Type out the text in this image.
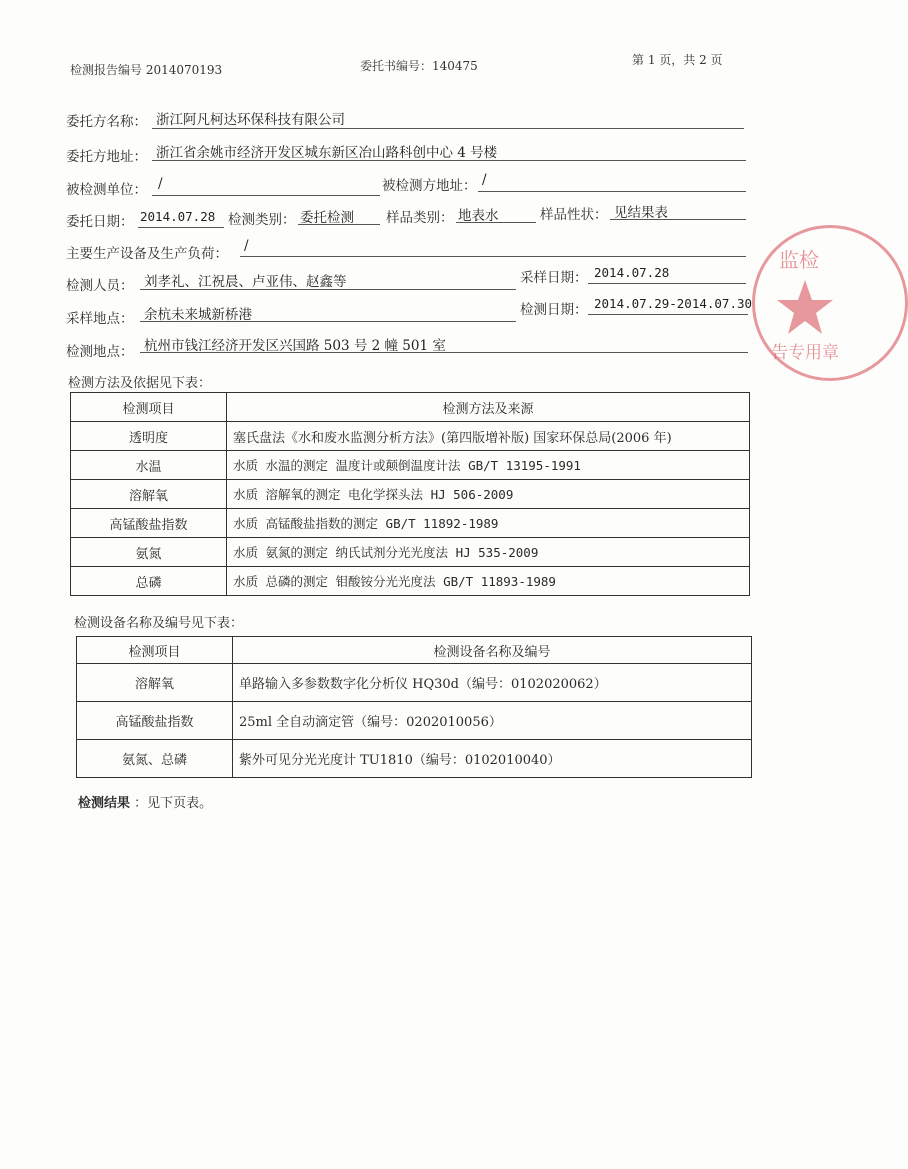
检测报告编号 2014070193	委托书编号：140475	第 1 页，共 2 页
委托方名称： 浙江阿凡柯达环保科技有限公司
委托方地址： 浙江省余姚市经济开发区城东新区冶山路科创中心 4 号楼
被检测单位： /	被检测方地址： /
委托日期： 2014.07.28 检测类别： 委托检测 样品类别： 地表水	样品性状： 见结果表
主要生产设备及生产负荷： /
检测人员： 刘孝礼、江祝晨、卢亚伟、赵鑫等	采样日期： 2014.07.28
采样地点： 余杭未来城新桥港	检测日期： 2014.07.29-2014.07.30
检测地点： 杭州市钱江经济开发区兴国路 503 号 2 幢 501 室
检测方法及依据见下表：
检测项目	检测方法及来源
透明度	塞氏盘法《水和废水监测分析方法》(第四版增补版) 国家环保总局(2006 年)
水温	水质 水温的测定 温度计或颠倒温度计法 GB/T 13195-1991
溶解氧	水质 溶解氧的测定 电化学探头法 HJ 506-2009
高锰酸盐指数	水质 高锰酸盐指数的测定 GB/T 11892-1989
氨氮	水质 氨氮的测定 纳氏试剂分光光度法 HJ 535-2009
总磷	水质 总磷的测定 钼酸铵分光光度法 GB/T 11893-1989
检测设备名称及编号见下表：
检测项目	检测设备名称及编号
溶解氧	单路输入多参数数字化分析仪 HQ30d（编号：0102020062）
高锰酸盐指数	25ml 全自动滴定管（编号：0202010056）
氨氮、总磷	紫外可见分光光度计 TU1810（编号：0102010040）
检测结果 ：见下页表。
监检
告专用章
